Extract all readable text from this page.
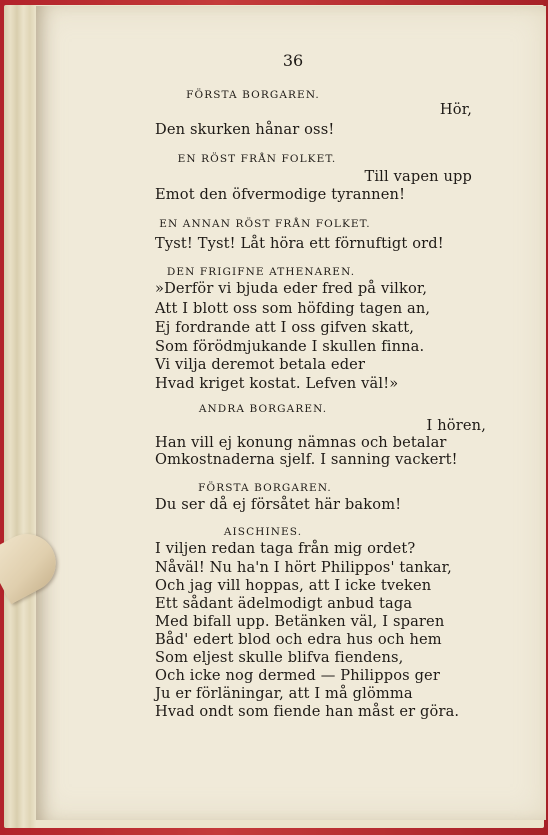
36
FÖRSTA BORGAREN.
Hör,
Den skurken hånar oss!
EN RÖST FRÅN FOLKET.
Till vapen upp
Emot den öfvermodige tyrannen!
EN ANNAN RÖST FRÅN FOLKET.
Tyst! Tyst! Låt höra ett förnuftigt ord!
DEN FRIGIFNE ATHENAREN.
»Derför vi bjuda eder fred på vilkor,
Att I blott oss som höfding tagen an,
Ej fordrande att I oss gifven skatt,
Som förödmjukande I skullen finna.
Vi vilja deremot betala eder
Hvad kriget kostat. Lefven väl!»
ANDRA BORGAREN.
I hören,
Han vill ej konung nämnas och betalar
Omkostnaderna sjelf. I sanning vackert!
FÖRSTA BORGAREN.
Du ser då ej försåtet här bakom!
AISCHINES.
I viljen redan taga från mig ordet?
Nåväl! Nu ha'n I hört Philippos' tankar,
Och jag vill hoppas, att I icke tveken
Ett sådant ädelmodigt anbud taga
Med bifall upp. Betänken väl, I sparen
Båd' edert blod och edra hus och hem
Som eljest skulle blifva fiendens,
Och icke nog dermed — Philippos ger
Ju er förläningar, att I må glömma
Hvad ondt som fiende han måst er göra.
